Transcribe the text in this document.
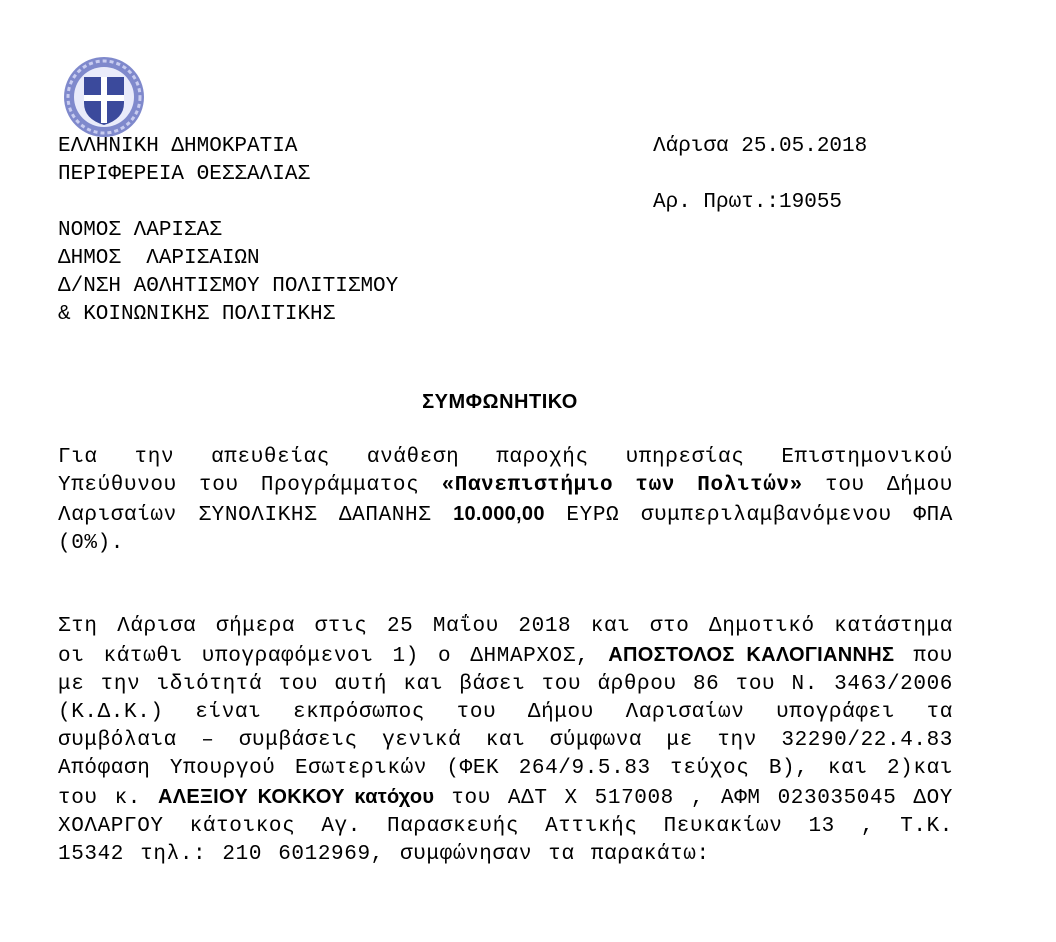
ΕΛΛΗΝΙΚΗ ΔΗΜΟΚΡΑΤΙΑ
ΠΕΡΙΦΕΡΕΙΑ ΘΕΣΣΑΛΙΑΣ
ΝΟΜΟΣ ΛΑΡΙΣΑΣ
ΔΗΜΟΣ  ΛΑΡΙΣΑΙΩΝ
Δ/ΝΣΗ ΑΘΛΗΤΙΣΜΟΥ ΠΟΛΙΤΙΣΜΟΥ
& ΚΟΙΝΩΝΙΚΗΣ ΠΟΛΙΤΙΚΗΣ
Λάρισα 25.05.2018
Αρ. Πρωτ.:19055
ΣΥΜΦΩΝΗΤΙΚΟ
Για την απευθείας ανάθεση παροχής υπηρεσίας Επιστημονικού Υπεύθυνου του Προγράμματος «Πανεπιστήμιο των Πολιτών» του Δήμου Λαρισαίων ΣΥΝΟΛΙΚΗΣ ΔΑΠΑΝΗΣ 10.000,00 ΕΥΡΩ συμπεριλαμβανόμενου ΦΠΑ (0%).
Στη Λάρισα σήμερα στις 25 Μαΐου 2018 και στο Δημοτικό κατάστημα οι κάτωθι υπογραφόμενοι 1) ο ΔΗΜΑΡΧΟΣ, ΑΠΟΣΤΟΛΟΣ ΚΑΛΟΓΙΑΝΝΗΣ που με την ιδιότητά του αυτή και βάσει του άρθρου 86 του Ν. 3463/2006 (Κ.Δ.Κ.) είναι εκπρόσωπος του Δήμου Λαρισαίων υπογράφει τα συμβόλαια – συμβάσεις γενικά και σύμφωνα με την 32290/22.4.83 Απόφαση Υπουργού Εσωτερικών (ΦΕΚ 264/9.5.83 τεύχος Β), και 2)και του κ. ΑΛΕΞΙΟΥ ΚΟΚΚΟΥ κατόχου του ΑΔΤ Χ 517008 , ΑΦΜ 023035045 ΔΟΥ ΧΟΛΑΡΓΟΥ κάτοικος Αγ. Παρασκευής Αττικής Πευκακίων 13 , Τ.Κ. 15342 τηλ.: 210 6012969, συμφώνησαν τα παρακάτω:
